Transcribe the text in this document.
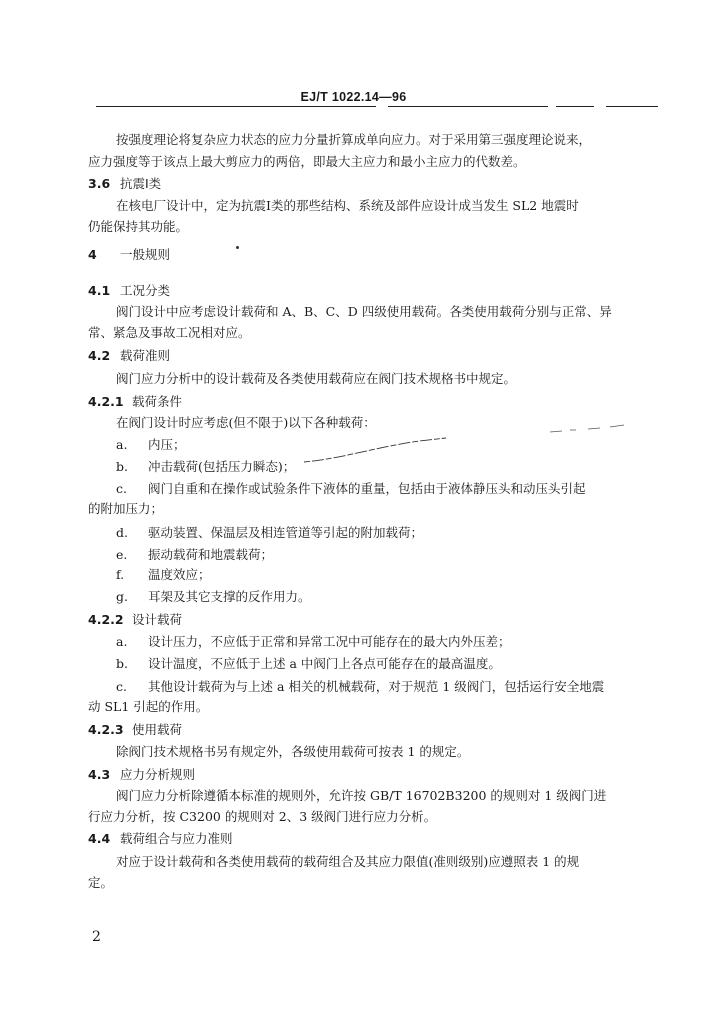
EJ/T 1022.14—96
按强度理论将复杂应力状态的应力分量折算成单向应力。对于采用第三强度理论说来，
应力强度等于该点上最大剪应力的两倍，即最大主应力和最小主应力的代数差。
3.6 抗震Ⅰ类
在核电厂设计中，定为抗震Ⅰ类的那些结构、系统及部件应设计成当发生 SL2 地震时
仍能保持其功能。
4 一般规则
4.1 工况分类
阀门设计中应考虑设计载荷和 A、B、C、D 四级使用载荷。各类使用载荷分别与正常、异
常、紧急及事故工况相对应。
4.2 载荷准则
阀门应力分析中的设计载荷及各类使用载荷应在阀门技术规格书中规定。
4.2.1 载荷条件
在阀门设计时应考虑(但不限于)以下各种载荷：
a. 内压；
b. 冲击载荷(包括压力瞬态)；
c. 阀门自重和在操作或试验条件下液体的重量，包括由于液体静压头和动压头引起
的附加压力；
d. 驱动装置、保温层及相连管道等引起的附加载荷；
e. 振动载荷和地震载荷；
f. 温度效应；
g. 耳架及其它支撑的反作用力。
4.2.2 设计载荷
a. 设计压力，不应低于正常和异常工况中可能存在的最大内外压差；
b. 设计温度，不应低于上述 a 中阀门上各点可能存在的最高温度。
c. 其他设计载荷为与上述 a 相关的机械载荷，对于规范 1 级阀门，包括运行安全地震
动 SL1 引起的作用。
4.2.3 使用载荷
除阀门技术规格书另有规定外，各级使用载荷可按表 1 的规定。
4.3 应力分析规则
阀门应力分析除遵循本标准的规则外，允许按 GB/T 16702B3200 的规则对 1 级阀门进
行应力分析，按 C3200 的规则对 2、3 级阀门进行应力分析。
4.4 载荷组合与应力准则
对应于设计载荷和各类使用载荷的载荷组合及其应力限值(准则级别)应遵照表 1 的规
定。
2
